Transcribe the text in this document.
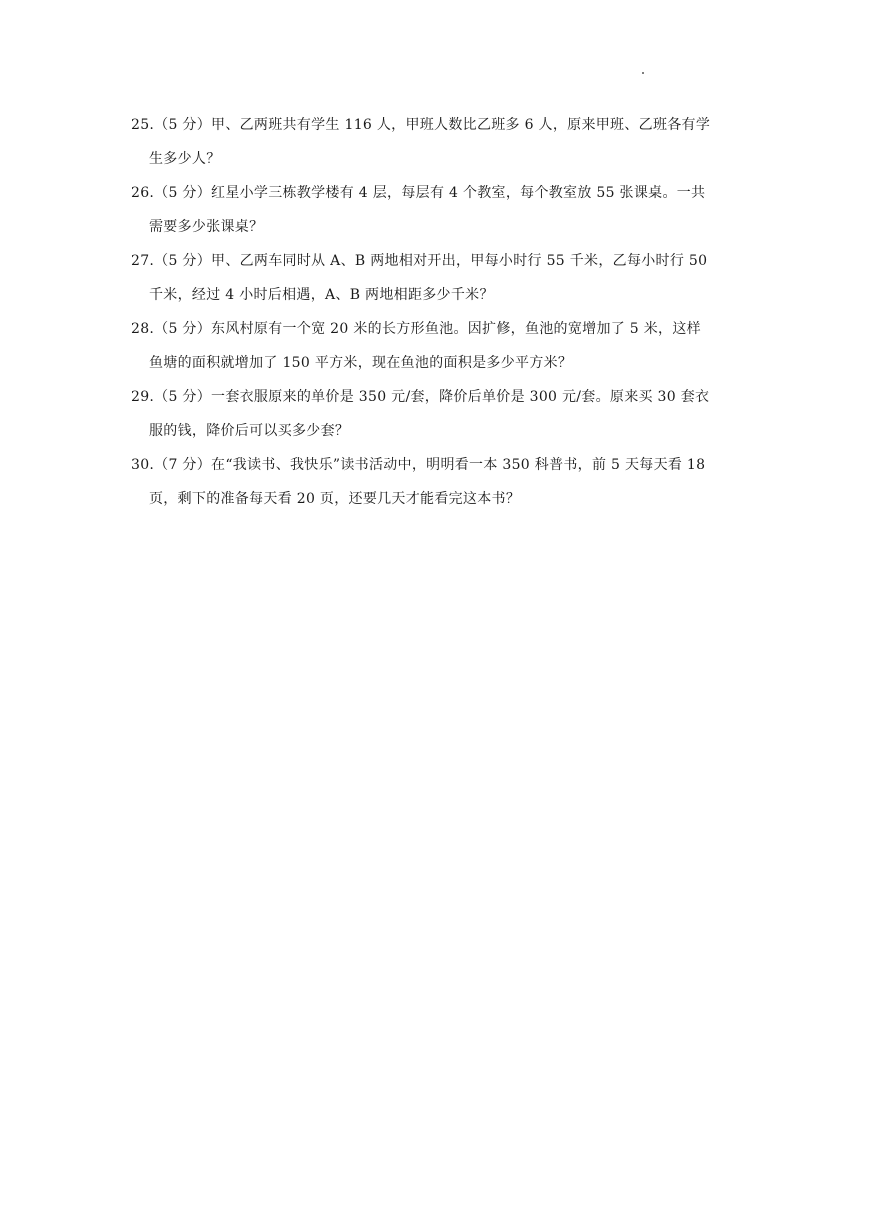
25.（5 分）甲、乙两班共有学生 116 人，甲班人数比乙班多 6 人，原来甲班、乙班各有学
生多少人？
26.（5 分）红星小学三栋教学楼有 4 层，每层有 4 个教室，每个教室放 55 张课桌。一共
需要多少张课桌？
27.（5 分）甲、乙两车同时从 A、B 两地相对开出，甲每小时行 55 千米，乙每小时行 50
千米，经过 4 小时后相遇，A、B 两地相距多少千米？
28.（5 分）东风村原有一个宽 20 米的长方形鱼池。因扩修，鱼池的宽增加了 5 米，这样
鱼塘的面积就增加了 150 平方米，现在鱼池的面积是多少平方米？
29.（5 分）一套衣服原来的单价是 350 元/套，降价后单价是 300 元/套。原来买 30 套衣
服的钱，降价后可以买多少套？
30.（7 分）在“我读书、我快乐”读书活动中，明明看一本 350 科普书，前 5 天每天看 18
页，剩下的准备每天看 20 页，还要几天才能看完这本书？
